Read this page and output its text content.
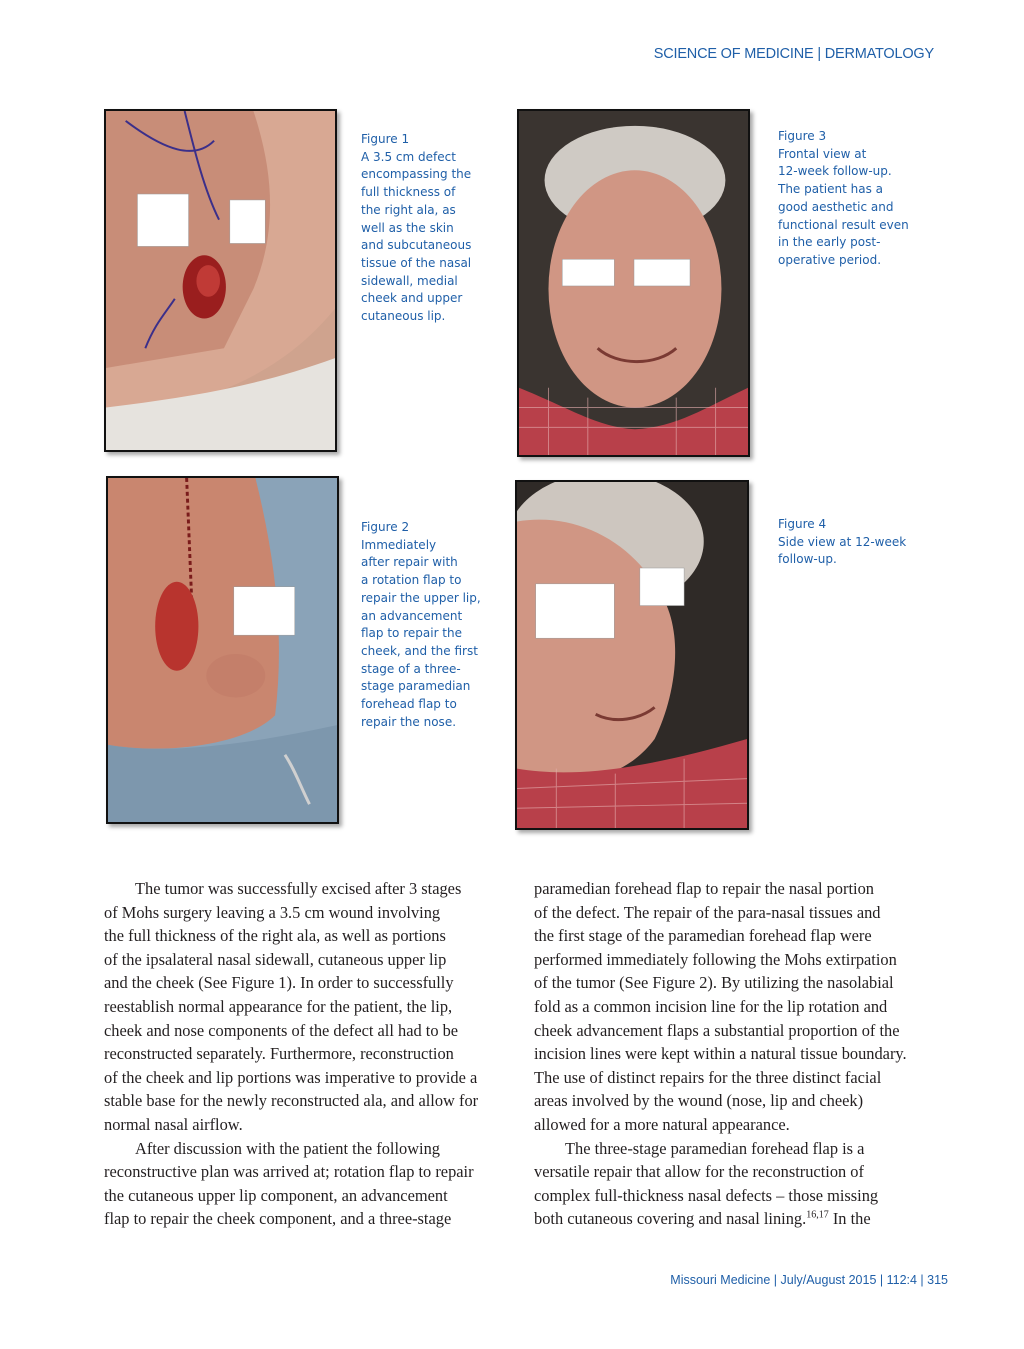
SCIENCE OF MEDICINE | DERMATOLOGY
Figure 1
A 3.5 cm defect
encompassing the
full thickness of
the right ala, as
well as the skin
and subcutaneous
tissue of the nasal
sidewall, medial
cheek and upper
cutaneous lip.
Figure 3
Frontal view at
12-week follow-up.
The patient has a
good aesthetic and
functional result even
in the early post-
operative period.
Figure 2
Immediately
after repair with
a rotation flap to
repair the upper lip,
an advancement
flap to repair the
cheek, and the first
stage of a three-
stage paramedian
forehead flap to
repair the nose.
Figure 4
Side view at 12-week
follow-up.
The tumor was successfully excised after 3 stages
of Mohs surgery leaving a 3.5 cm wound involving
the full thickness of the right ala, as well as portions
of the ipsalateral nasal sidewall, cutaneous upper lip
and the cheek (See Figure 1). In order to successfully
reestablish normal appearance for the patient, the lip,
cheek and nose components of the defect all had to be
reconstructed separately. Furthermore, reconstruction
of the cheek and lip portions was imperative to provide a
stable base for the newly reconstructed ala, and allow for
normal nasal airflow.
After discussion with the patient the following
reconstructive plan was arrived at; rotation flap to repair
the cutaneous upper lip component, an advancement
flap to repair the cheek component, and a three-stage
paramedian forehead flap to repair the nasal portion
of the defect. The repair of the para-nasal tissues and
the first stage of the paramedian forehead flap were
performed immediately following the Mohs extirpation
of the tumor (See Figure 2). By utilizing the nasolabial
fold as a common incision line for the lip rotation and
cheek advancement flaps a substantial proportion of the
incision lines were kept within a natural tissue boundary.
The use of distinct repairs for the three distinct facial
areas involved by the wound (nose, lip and cheek)
allowed for a more natural appearance.
The three-stage paramedian forehead flap is a
versatile repair that allow for the reconstruction of
complex full-thickness nasal defects – those missing
both cutaneous covering and nasal lining.$^{16,17}$ In the
Missouri Medicine | July/August 2015 | 112:4 | 315
